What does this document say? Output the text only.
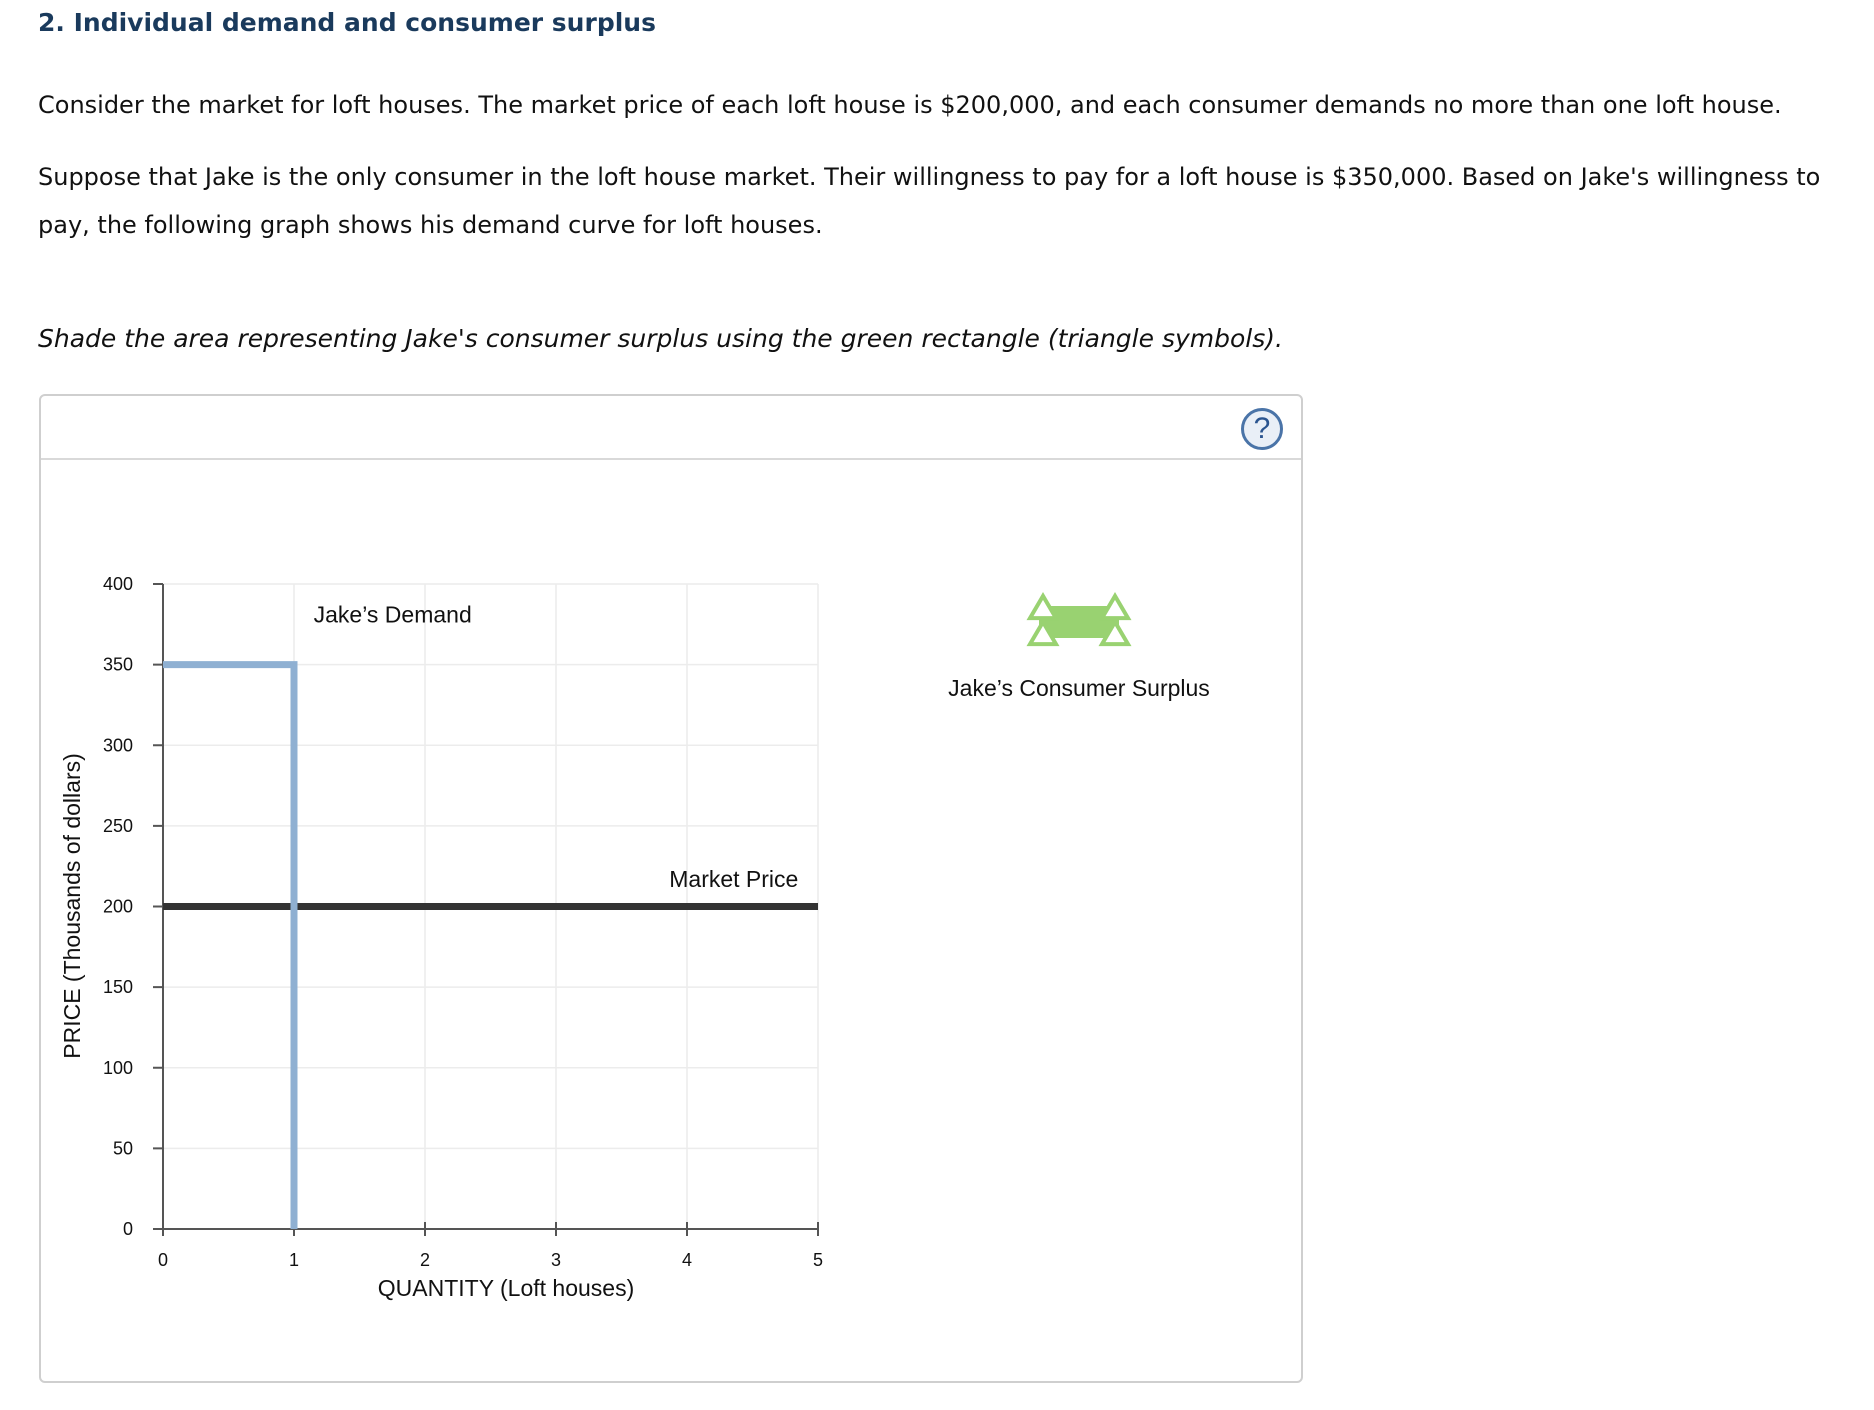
2. Individual demand and consumer surplus
Consider the market for loft houses. The market price of each loft house is $200,000, and each consumer demands no more than one loft house.
Suppose that Jake is the only consumer in the loft house market. Their willingness to pay for a loft house is $350,000. Based on Jake's willingness to pay, the following graph shows his demand curve for loft houses.
Shade the area representing Jake's consumer surplus using the green rectangle (triangle symbols).
?
0
50
100
150
200
250
300
350
400
0	1	2	3	4	5
QUANTITY (Loft houses)
PRICE (Thousands of dollars)
Jake’s Demand
Market Price
Jake’s Consumer Surplus
